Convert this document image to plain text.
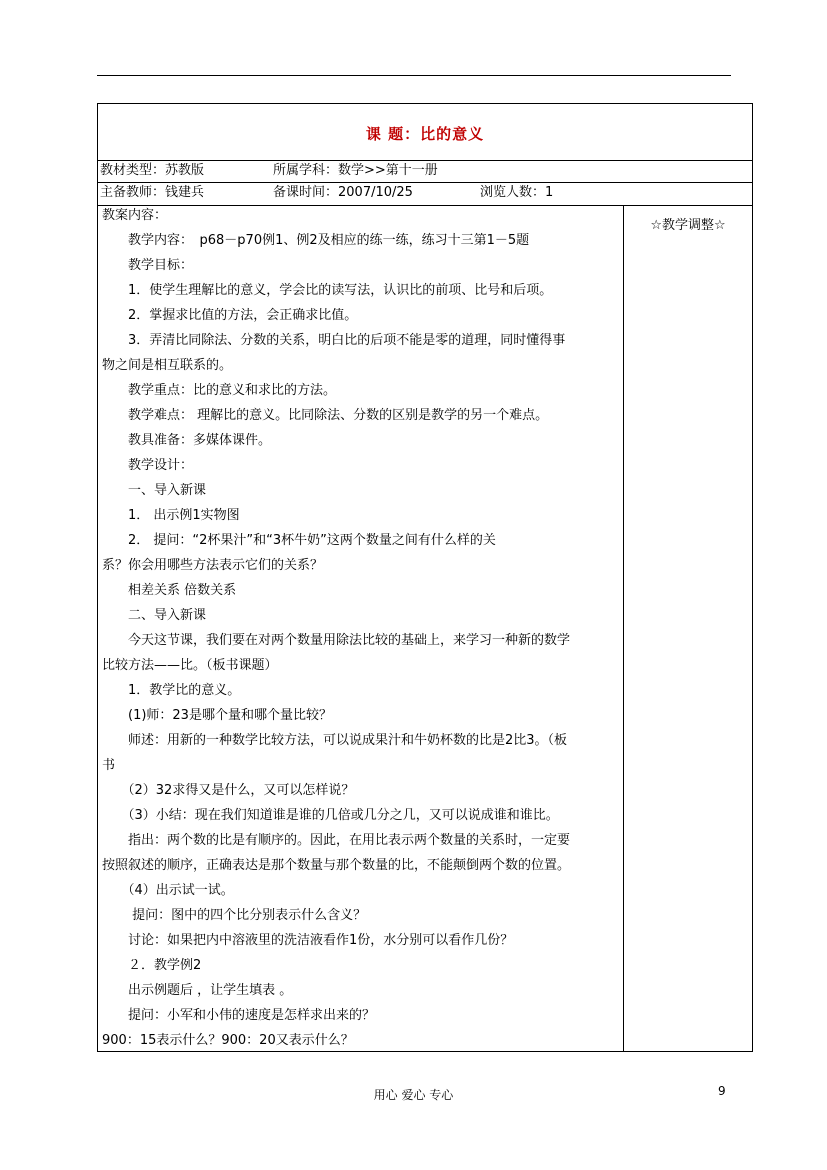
课 题：比的意义
教材类型：苏教版	所属学科：数学>>第十一册
主备教师：钱建兵	备课时间：2007/10/25	浏览人数：1
☆教学调整☆
教案内容：
　　教学内容：　p68－p70例1、例2及相应的练一练，练习十三第1－5题
　　教学目标：
　　1．使学生理解比的意义，学会比的读写法，认识比的前项、比号和后项。
　　2．掌握求比值的方法，会正确求比值。
　　3．弄清比同除法、分数的关系，明白比的后项不能是零的道理，同时懂得事
物之间是相互联系的。
　　教学重点：比的意义和求比的方法。
　　教学难点： 理解比的意义。比同除法、分数的区别是教学的另一个难点。
　　教具准备：多媒体课件。
　　教学设计：
　　一、导入新课
　　1． 出示例1实物图
　　2． 提问：“2杯果汁”和“3杯牛奶”这两个数量之间有什么样的关
系？你会用哪些方法表示它们的关系？
　　相差关系 倍数关系
　　二、导入新课
　　今天这节课，我们要在对两个数量用除法比较的基础上，来学习一种新的数学
比较方法——比。（板书课题）
　　1．教学比的意义。
　　(1)师：23是哪个量和哪个量比较？
　　师述：用新的一种数学比较方法，可以说成果汁和牛奶杯数的比是2比3。（板
书
　　（2）32求得又是什么，又可以怎样说？
　　（3）小结：现在我们知道谁是谁的几倍或几分之几，又可以说成谁和谁比。
　　指出：两个数的比是有顺序的。因此，在用比表示两个数量的关系时，一定要
按照叙述的顺序，正确表达是那个数量与那个数量的比，不能颠倒两个数的位置。
　　（4）出示试一试。
　　 提问：图中的四个比分别表示什么含义？
　　讨论：如果把内中溶液里的洗洁液看作1份，水分别可以看作几份？
　　２．教学例2
　　出示例题后 ，让学生填表 。
　　提问：小军和小伟的速度是怎样求出来的？
900：15表示什么？900：20又表示什么？
用心 爱心 专心	9
